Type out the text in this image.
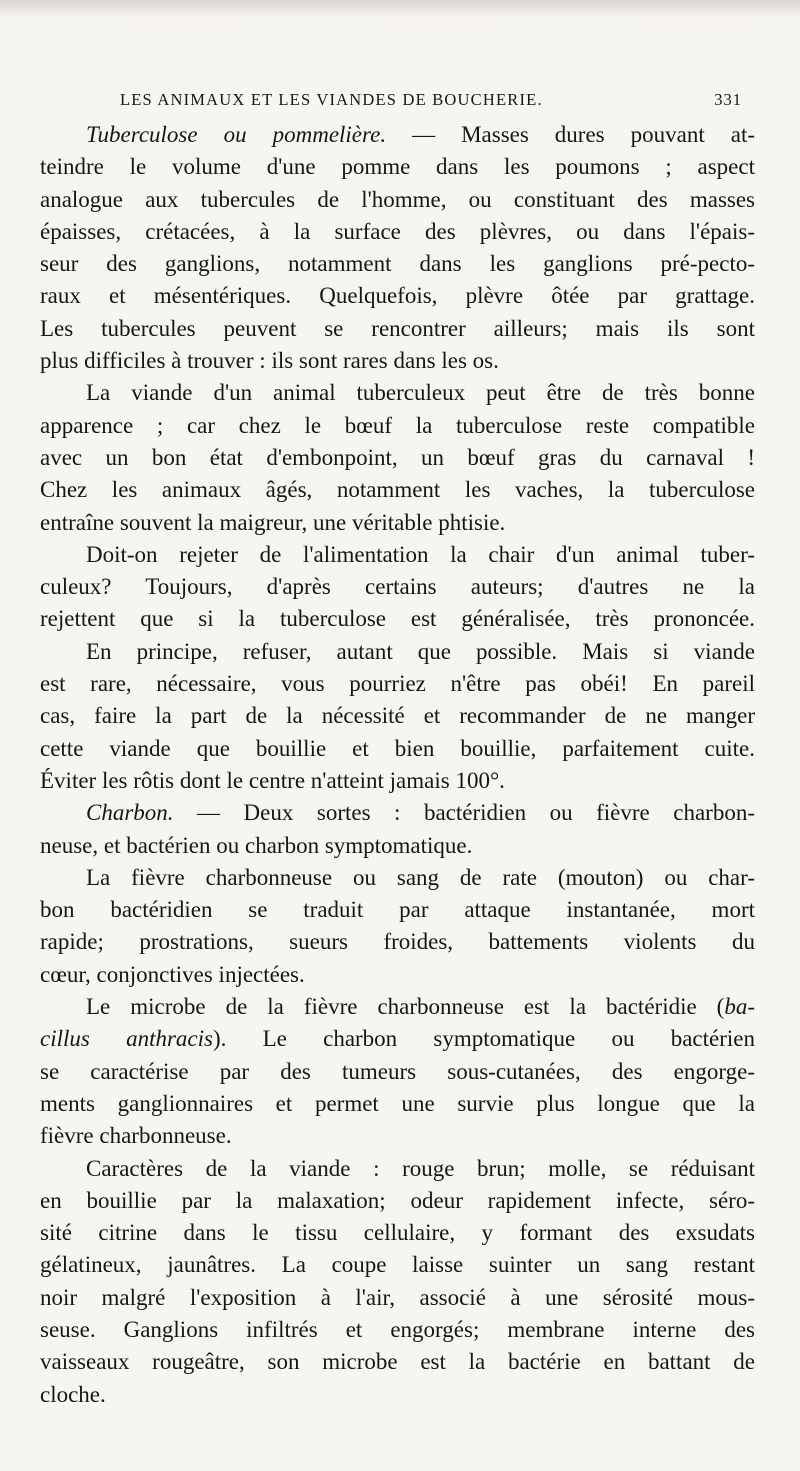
LES ANIMAUX ET LES VIANDES DE BOUCHERIE.	331
Tuberculose ou pommelière. — Masses dures pouvant at-
teindre le volume d'une pomme dans les poumons ; aspect
analogue aux tubercules de l'homme, ou constituant des masses
épaisses, crétacées, à la surface des plèvres, ou dans l'épais-
seur des ganglions, notamment dans les ganglions pré-pecto-
raux et mésentériques. Quelquefois, plèvre ôtée par grattage.
Les tubercules peuvent se rencontrer ailleurs; mais ils sont
plus difficiles à trouver : ils sont rares dans les os.
La viande d'un animal tuberculeux peut être de très bonne
apparence ; car chez le bœuf la tuberculose reste compatible
avec un bon état d'embonpoint, un bœuf gras du carnaval !
Chez les animaux âgés, notamment les vaches, la tuberculose
entraîne souvent la maigreur, une véritable phtisie.
Doit-on rejeter de l'alimentation la chair d'un animal tuber-
culeux? Toujours, d'après certains auteurs; d'autres ne la
rejettent que si la tuberculose est généralisée, très prononcée.
En principe, refuser, autant que possible. Mais si viande
est rare, nécessaire, vous pourriez n'être pas obéi! En pareil
cas, faire la part de la nécessité et recommander de ne manger
cette viande que bouillie et bien bouillie, parfaitement cuite.
Éviter les rôtis dont le centre n'atteint jamais 100°.
Charbon. — Deux sortes : bactéridien ou fièvre charbon-
neuse, et bactérien ou charbon symptomatique.
La fièvre charbonneuse ou sang de rate (mouton) ou char-
bon bactéridien se traduit par attaque instantanée, mort
rapide; prostrations, sueurs froides, battements violents du
cœur, conjonctives injectées.
Le microbe de la fièvre charbonneuse est la bactéridie (ba-
cillus anthracis). Le charbon symptomatique ou bactérien
se caractérise par des tumeurs sous-cutanées, des engorge-
ments ganglionnaires et permet une survie plus longue que la
fièvre charbonneuse.
Caractères de la viande : rouge brun; molle, se réduisant
en bouillie par la malaxation; odeur rapidement infecte, séro-
sité citrine dans le tissu cellulaire, y formant des exsudats
gélatineux, jaunâtres. La coupe laisse suinter un sang restant
noir malgré l'exposition à l'air, associé à une sérosité mous-
seuse. Ganglions infiltrés et engorgés; membrane interne des
vaisseaux rougeâtre, son microbe est la bactérie en battant de
cloche.
